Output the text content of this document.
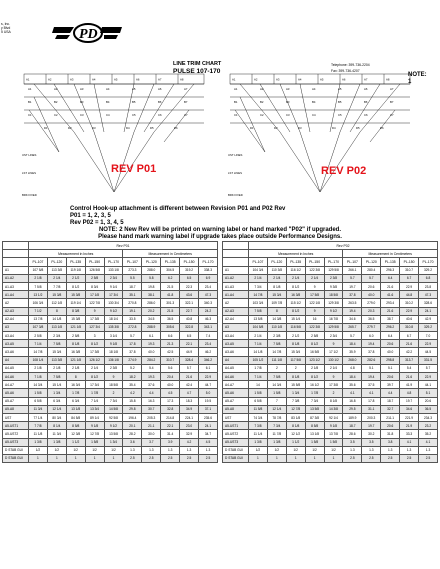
s, Inc.
y Blvd
5 USA	PD
LINE TRIM CHART
PULSE 107-170
Telephone: 399-736-2204
Fax: 399-736-4207
NOTE:
1
A1	A2	A3	A4	A5	A6	A7	A8
A1	A2	A3	A4	A5	A6	A7
B1	B2	B3	B4	B5	B6	B7
C1	C2	C3	C4	C5	C6	C7
D1	D2	D3	D4	D5	D6
UST LINES
LST LINES
BRK FIXED
REV P01
A1	A2	A3	A4	A5	A6	A7	A8
A1	A2	A3	A4	A5	A6	A7
B1	B2	B3	B4	B5	B6	B7
C1	C2	C3	C4	C5	C6	C7
D1	D2	D3	D4	D5	D6
UST LINES
LST LINES
BRK FIXED
REV P02
Control Hook-up attachment is different between Revision P01 and P02 Rev
P01 = 1, 2, 3, 5
Rev P02 = 1, 3, 4, 5
NOTE: 2 New Rev will be printed on warning label or hand marked "P02" if upgraded.
Please hand mark warning label if upgrade takes place outside Performance Designs.
	Rev P01									
	Measurement in Inches					Measurement in Centimeters				
	PL-107	PL-120	PL-135	PL-150	PL-170	PL-107	PL-120	PL-135	PL-150	PL-170
A1	107 5/8	113 3/8	119 1/8	126 5/8	133 1/8	273.3	288.0	304.5	319.2	338.3
A1-A2	2 1/8	2 1/4	2 1/2	2 5/8	2 3/4	5.5	5.8	6.2	6.5	6.9
A1-A3	7 5/8	7 7/8	8 1/2	8 3/4	9 1/4	18.7	19.8	21.5	22.3	23.4
A1-A4	13 1/2	15 3/8	15 3/8	17 1/8	17 3/4	35.1	38.1	41.8	43.6	47.3
A2	106 3/4	112 1/8	119 1/4	122 7/8	130 3/4	270.8	286.0	301.3	322.1	340.3
A2-A3	7 1/2	8	8 3/8	9	9 1/2	19.1	20.2	21.5	22.7	24.2
A2-A4	13 7/8	14 1/8	15 3/8	17 3/8	18 1/4	33.5	34.5	36.5	40.8	46.3
A3	107 3/8	113 1/8	121 1/8	127 3/4	135 3/8	272.8	288.9	305.6	322.8	343.1
A3-A4	2 5/8	2 3/4	2 5/8	3	3 1/4	5.7	6.1	6.6	6.5	7.4
A3-A5	7 1/4	7 5/8	8 1/8	8 1/2	9 1/8	17.8	19.3	21.3	22.1	23.4
A3-A6	14 7/8	15 3/4	16 3/8	17 3/8	18 1/8	37.8	40.0	42.5	44.9	46.2
A4	108 1/4	113 3/8	121 1/8	126 1/2	136 1/8	274.9	284.2	310.7	328.4	346.2
A4-A5	2 1/8	2 1/8	2 1/8	2 1/4	2 3/8	5.2	5.4	5.6	5.7	6.1
A4-A6	7 1/8	7 5/8	8	8 1/2	9	18.2	19.3	20.4	21.6	22.9
A4-A7	14 3/4	15 1/4	16 3/4	17 3/4	18 5/8	35.4	37.6	40.0	42.4	44.7
A5-A6	1 5/8	1 3/4	1 7/8	1 7/8	2	4.2	4.4	4.5	4.7	5.0
A5-A7	6 5/8	6 3/4	6 3/4	7 1/4	7 3/4	15.8	16.3	17.3	18.3	19.5
A5-A8	11 3/4	12 1/4	13 1/8	13 3/4	14 5/8	29.8	30.7	32.8	34.9	37.1
UST	77 1/4	80 3/4	84 5/8	89 1/4	92 5/8	196.4	205.3	214.8	224.1	235.6
A5-UST1	7 7/8	8 1/4	8 5/8	9 1/8	9 1/2	20.1	21.1	22.1	23.0	24.1
A5-UST2	11 1/8	11 3/4	12 3/8	12 7/8	13 5/8	28.2	30.0	31.4	32.9	34.7
A5-UST3	1 3/8	1 3/8	1 1/2	1 5/8	1 3/4	3.6	3.7	3.9	4.2	4.5
D STAB GUI	1/2	1/2	1/2	1/2	1/2	1.3	1.3	1.3	1.3	1.3
D STAB GUI	1	1	1	1	1	2.5	2.5	2.5	2.5	2.5
	Rev P02									
	Measurement in Inches					Measurement in Centimeters				
	PL-107	PL-120	PL-135	PL-150	PL-170	PL-107	PL-120	PL-135	PL-150	PL-170
A1	104 3/4	110 3/8	116 1/2	122 3/8	129 5/8	266.1	280.4	296.3	310.7	329.2
A1-A2	2 1/4	2 1/4	2 1/4	2 1/4	2 3/8	5.7	5.7	6.4	6.7	6.8
A1-A3	7 3/4	8 1/8	8 1/2	9	9 3/8	19.7	20.6	21.6	22.9	23.8
A1-A4	14 7/8	15 3/4	16 3/8	17 5/8	18 5/8	37.8	40.0	41.6	44.8	47.3
A2	103 3/4	109 7/8	115 1/2	122 1/8	129 3/8	263.5	279.0	293.4	310.2	328.6
A2-A3	7 5/8	8	8 1/2	9	9 1/2	19.4	20.3	21.6	22.9	24.1
A2-A4	13 5/8	14 3/8	15 1/4	16	16 7/8	34.6	36.5	38.7	40.6	42.9
A3	104 5/8	110 1/8	116 5/8	122 3/8	129 5/8	265.7	279.7	296.2	310.8	329.2
A3-A4	2 1/4	2 3/8	2 1/2	2 5/8	2 3/4	5.7	6.0	6.4	6.7	7.0
A3-A5	7 1/4	7 5/8	8 1/8	8 1/2	9	18.4	19.4	20.6	21.6	22.9
A3-A6	14 1/8	14 7/8	15 3/4	16 5/8	17 1/2	35.9	37.8	40.0	42.2	44.5
A4	105 1/2	111 1/8	117 5/8	123 1/2	130 1/2	268.0	282.6	298.8	313.7	331.5
A4-A5	1 7/8	2	2	2 1/8	2 1/4	4.8	5.1	5.1	5.4	5.7
A4-A6	7 1/4	7 5/8	8 1/8	8 1/2	9	18.4	19.4	20.6	21.6	22.9
A4-A7	14	14 3/4	15 5/8	16 1/2	17 3/8	35.6	37.5	39.7	41.9	44.1
A5-A6	1 5/8	1 5/8	1 3/4	1 7/8	2	4.1	4.1	4.4	4.8	5.1
A5-A7	6 5/8	7	7 3/8	7 3/4	8 1/8	16.8	17.8	18.7	19.7	20.6
A5-A8	11 5/8	12 1/4	12 7/8	13 5/8	14 3/8	29.5	31.1	32.7	34.6	36.5
UST	74 3/4	78 7/8	83 1/8	87 3/8	92 1/4	189.9	200.3	211.1	221.9	234.3
A5-UST1	7 3/8	7 3/4	8 1/8	8 5/8	9 1/8	18.7	19.7	20.6	21.9	23.2
A5-UST2	11 1/4	11 7/8	12 1/2	13 1/8	13 7/8	28.6	30.2	31.8	33.3	35.2
A5-UST3	1 3/8	1 3/8	1 1/2	1 5/8	1 5/8	3.5	3.5	3.8	4.1	4.1
D STAB GUI	1/2	1/2	1/2	1/2	1/2	1.3	1.3	1.3	1.3	1.3
D STAB GUI	1	1	1	1	1	2.5	2.5	2.5	2.5	2.5
